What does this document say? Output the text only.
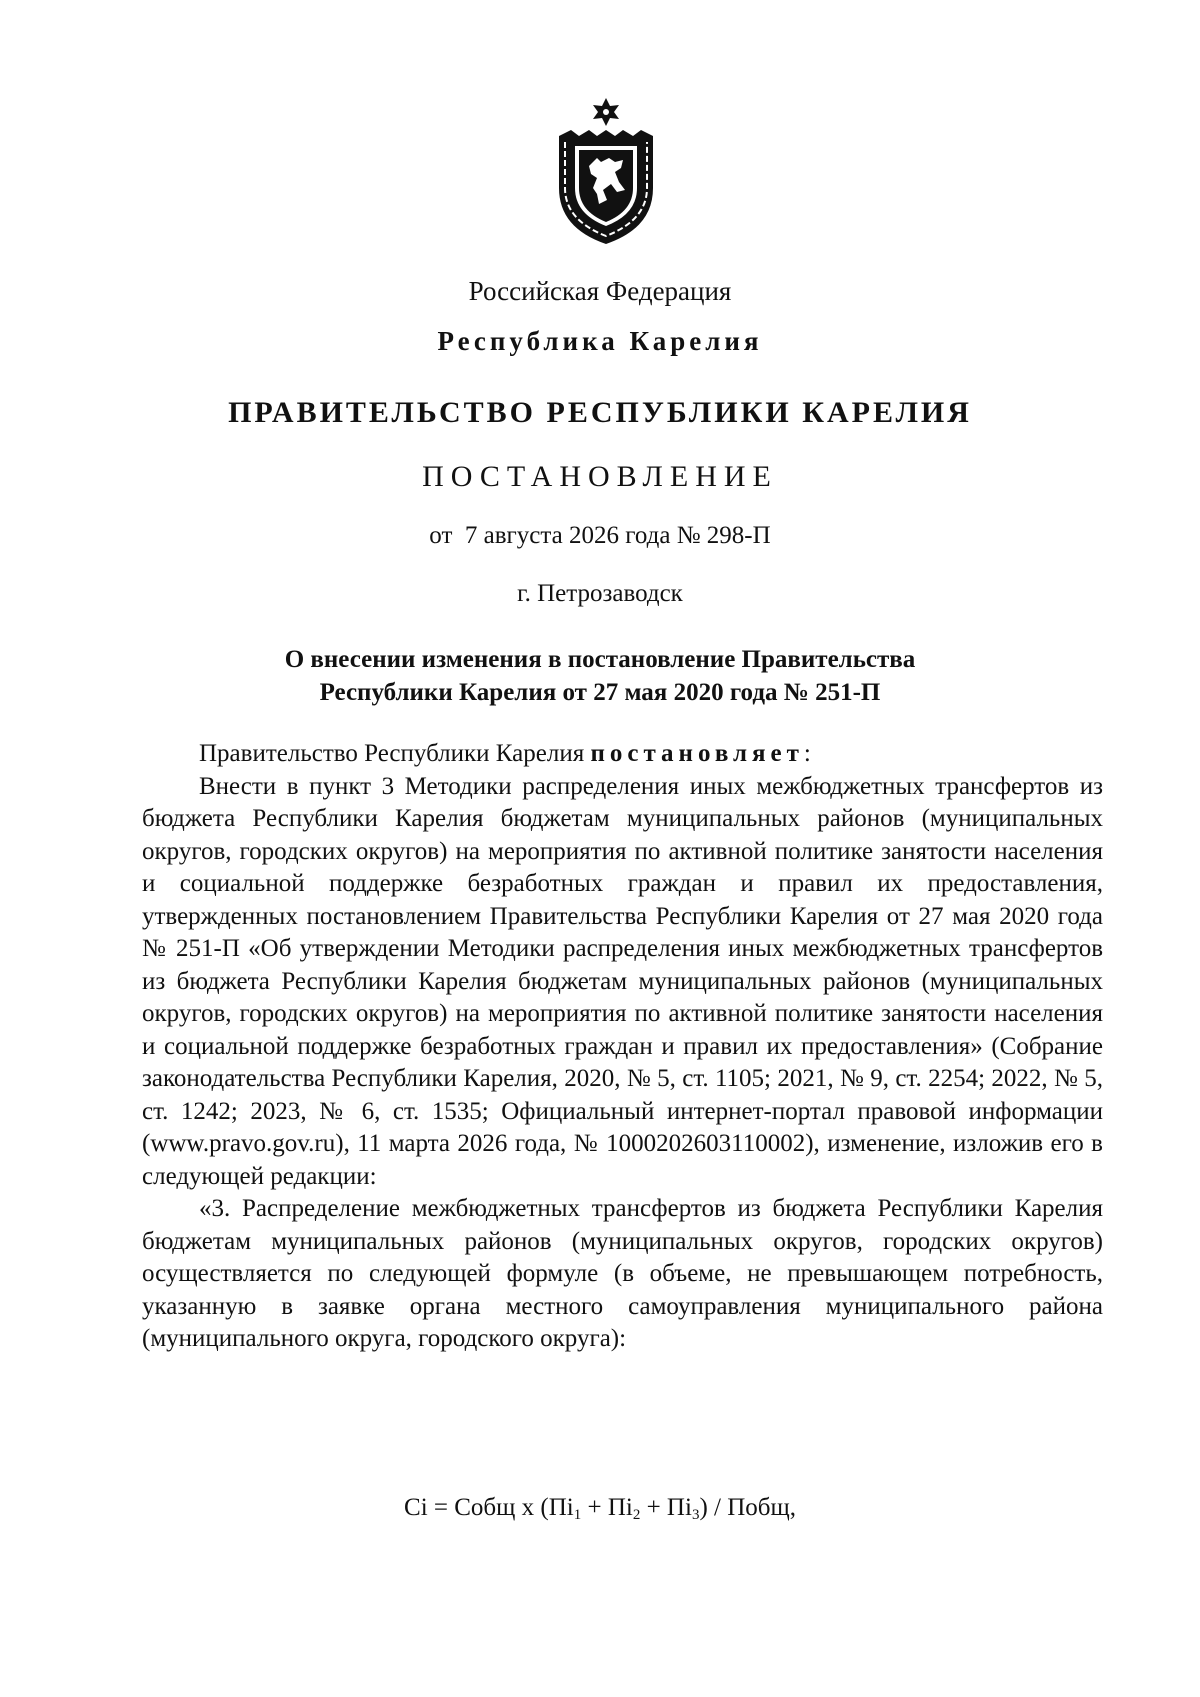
Российская Федерация
Республика Карелия
ПРАВИТЕЛЬСТВО РЕСПУБЛИКИ КАРЕЛИЯ
ПОСТАНОВЛЕНИЕ
от  7 августа 2026 года № 298-П
г. Петрозаводск
О внесении изменения в постановление Правительства
Республики Карелия от 27 мая 2020 года № 251-П

Правительство Республики Карелия постановляет:

Внести в пункт 3 Методики распределения иных межбюджетных трансфертов из бюджета Республики Карелия бюджетам муниципальных районов (муниципальных округов, городских округов) на мероприятия по активной политике занятости населения и социальной поддержке безработных граждан и правил их предоставления, утвержденных постановлением Правительства Республики Карелия от 27 мая 2020 года № 251-П «Об утверждении Методики распределения иных межбюджетных трансфертов из бюджета Республики Карелия бюджетам муниципальных районов (муниципальных округов, городских округов) на мероприятия по активной политике занятости населения и социальной поддержке безработных граждан и правил их предоставления» (Собрание законодательства Республики Карелия, 2020, № 5, ст. 1105; 2021, № 9, ст. 2254; 2022, № 5, ст. 1242; 2023, № 6, ст. 1535; Официальный интернет-портал правовой информации (www.pravo.gov.ru), 11 марта 2026 года, № 1000202603110002), изменение, изложив его в следующей редакции:

«3. Распределение межбюджетных трансфертов из бюджета Республики Карелия бюджетам муниципальных районов (муниципальных округов, городских округов) осуществляется по следующей формуле (в объеме, не превышающем потребность, указанную в заявке органа местного самоуправления муниципального района (муниципального округа, городского округа):

Сi = Собщ х $(Пi_1 + Пi_2 + Пi_3)$ / Побщ,
